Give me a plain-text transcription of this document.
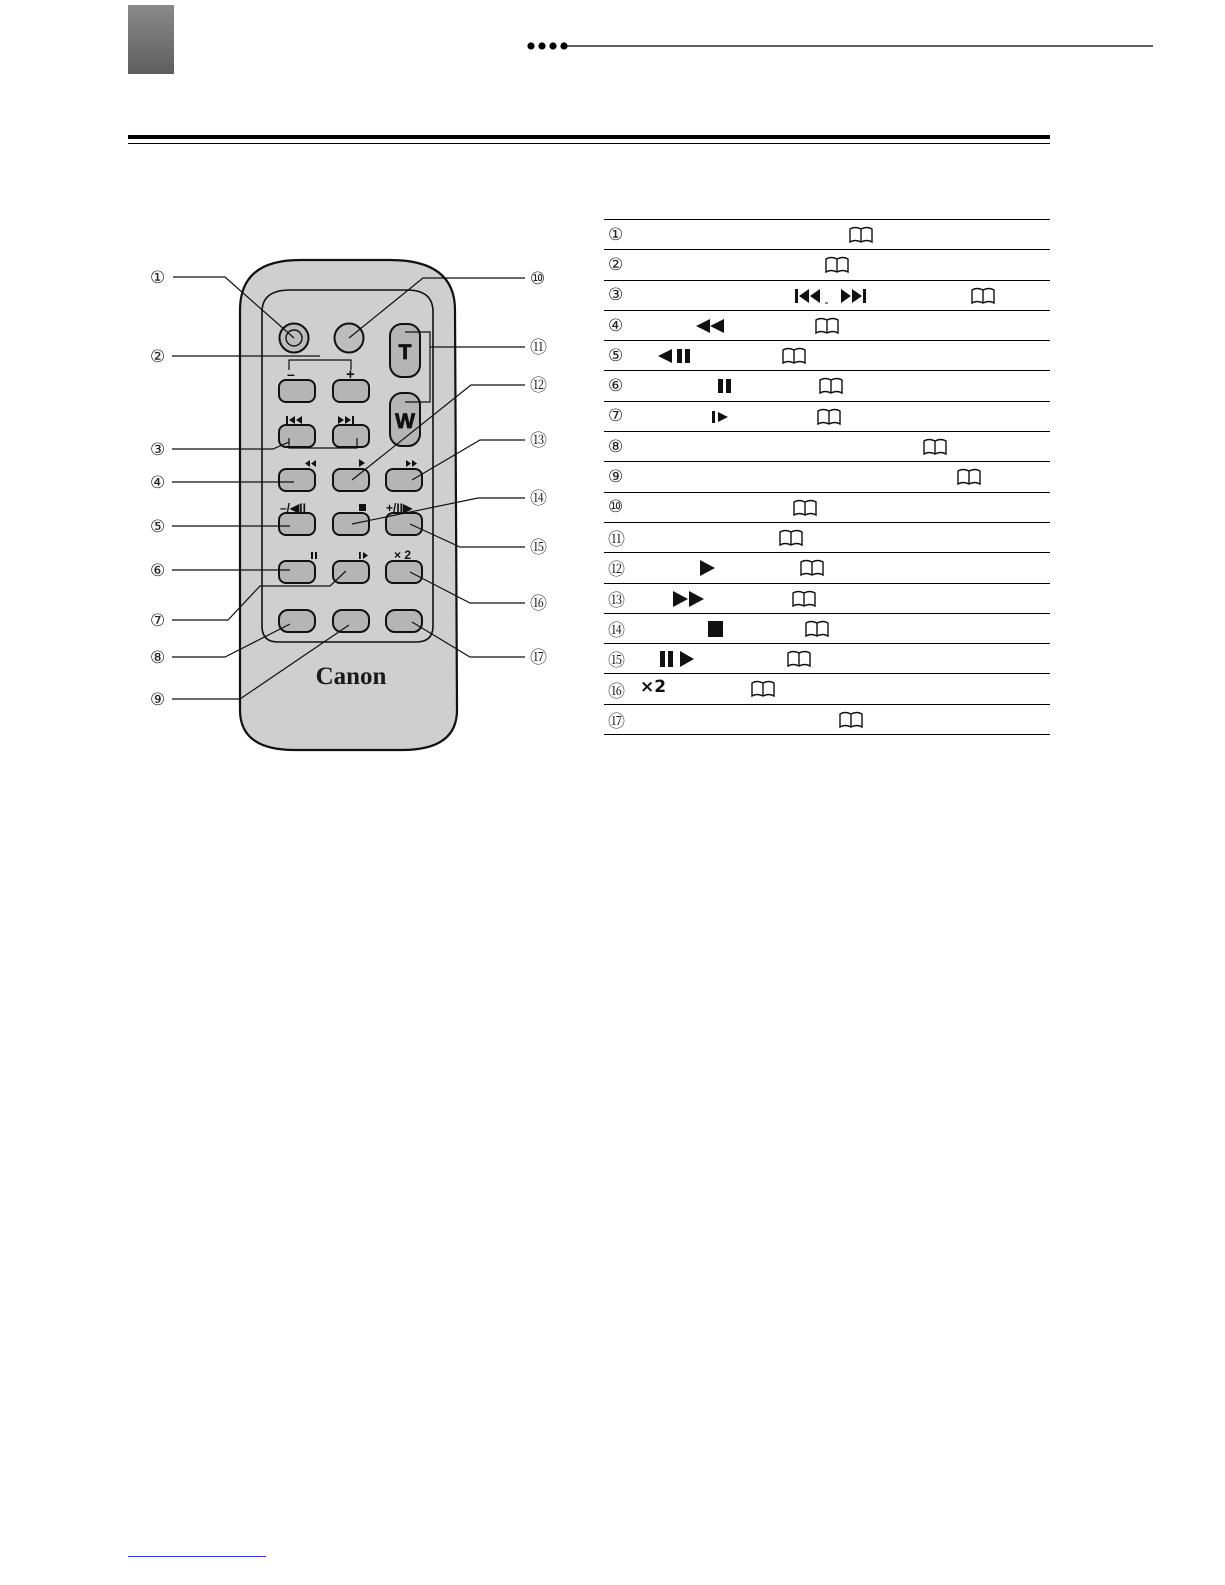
T
W
–	+
–/◀II	+/II▶
× 2
Canon
①
②
③
④
⑤
⑥
⑦
⑧
⑨
⑩
⑪
⑫
⑬
⑭
⑮
⑯
⑰
①
②
③
④
⑤
⑥
⑦
⑧
⑨
⑩
⑪
⑫
⑬
⑭
⑮
⑯ ×2
⑰
